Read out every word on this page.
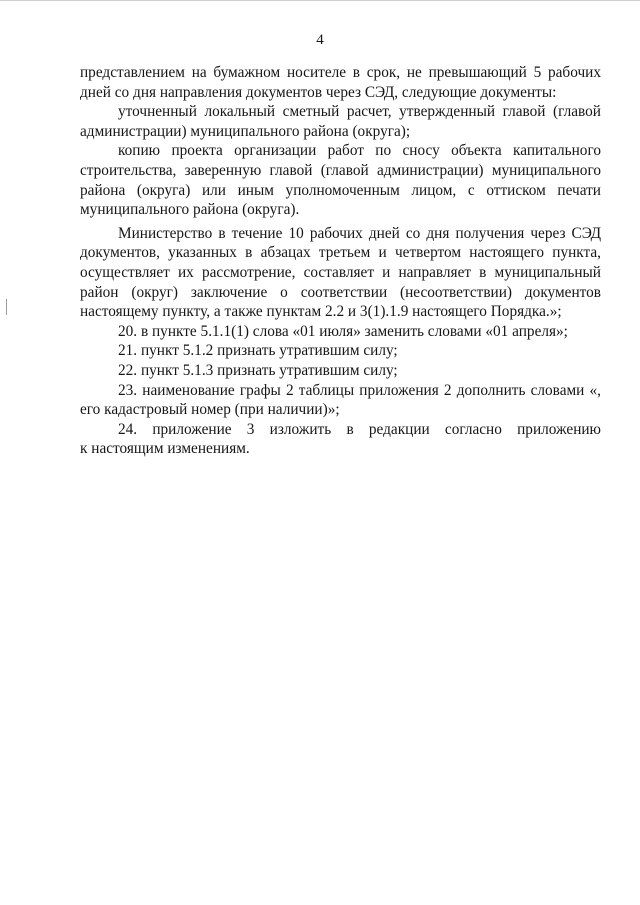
4

представлением на бумажном носителе в срок, не превышающий 5 рабочих дней со дня направления документов через СЭД, следующие документы:

уточненный локальный сметный расчет, утвержденный главой (главой администрации) муниципального района (округа);

копию проекта организации работ по сносу объекта капитального строительства, заверенную главой (главой администрации) муниципального района (округа) или иным уполномоченным лицом, с оттиском печати муниципального района (округа).

Министерство в течение 10 рабочих дней со дня получения через СЭД документов, указанных в абзацах третьем и четвертом настоящего пункта, осуществляет их рассмотрение, составляет и направляет в муниципальный район (округ) заключение о соответствии (несоответствии) документов настоящему пункту, а также пунктам 2.2 и 3(1).1.9 настоящего Порядка.»;

20. в пункте 5.1.1(1) слова «01 июля» заменить словами «01 апреля»;

21. пункт 5.1.2 признать утратившим силу;

22. пункт 5.1.3 признать утратившим силу;

23. наименование графы 2 таблицы приложения 2 дополнить словами «, его кадастровый номер (при наличии)»;

24. приложение 3 изложить в редакции согласно приложению
к настоящим изменениям.
